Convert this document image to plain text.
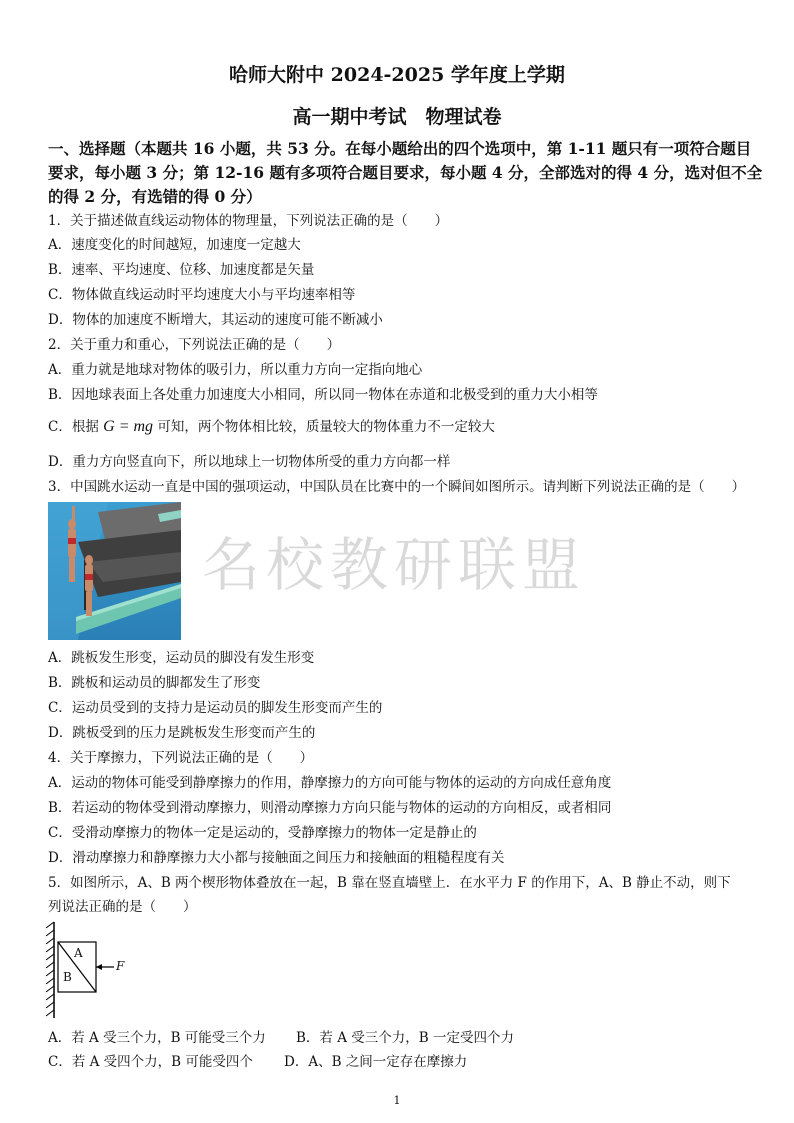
哈师大附中 2024-2025 学年度上学期
高一期中考试　物理试卷
一、选择题（本题共 16 小题，共 53 分。在每小题给出的四个选项中，第 1-11 题只有一项符合题目
要求，每小题 3 分；第 12-16 题有多项符合题目要求，每小题 4 分，全部选对的得 4 分，选对但不全
的得 2 分，有选错的得 0 分）
1．关于描述做直线运动物体的物理量，下列说法正确的是（　　）
A．速度变化的时间越短，加速度一定越大
B．速率、平均速度、位移、加速度都是矢量
C．物体做直线运动时平均速度大小与平均速率相等
D．物体的加速度不断增大，其运动的速度可能不断减小
2．关于重力和重心，下列说法正确的是（　　）
A．重力就是地球对物体的吸引力，所以重力方向一定指向地心
B．因地球表面上各处重力加速度大小相同，所以同一物体在赤道和北极受到的重力大小相等
C．根据 G = mg 可知，两个物体相比较，质量较大的物体重力不一定较大
D．重力方向竖直向下，所以地球上一切物体所受的重力方向都一样
3．中国跳水运动一直是中国的强项运动，中国队员在比赛中的一个瞬间如图所示。请判断下列说法正确的是（　　）
名校教研联盟
A．跳板发生形变，运动员的脚没有发生形变
B．跳板和运动员的脚都发生了形变
C．运动员受到的支持力是运动员的脚发生形变而产生的
D．跳板受到的压力是跳板发生形变而产生的
4．关于摩擦力，下列说法正确的是（　　）
A．运动的物体可能受到静摩擦力的作用，静摩擦力的方向可能与物体的运动的方向成任意角度
B．若运动的物体受到滑动摩擦力，则滑动摩擦力方向只能与物体的运动的方向相反，或者相同
C．受滑动摩擦力的物体一定是运动的，受静摩擦力的物体一定是静止的
D．滑动摩擦力和静摩擦力大小都与接触面之间压力和接触面的粗糙程度有关
5．如图所示，A、B 两个楔形物体叠放在一起，B 靠在竖直墙壁上．在水平力 F 的作用下，A、B 静止不动，则下
列说法正确的是（　　）
A
B
F
A．若 A 受三个力，B 可能受三个力 B．若 A 受三个力，B 一定受四个力
C．若 A 受四个力，B 可能受四个 D．A、B 之间一定存在摩擦力
1
